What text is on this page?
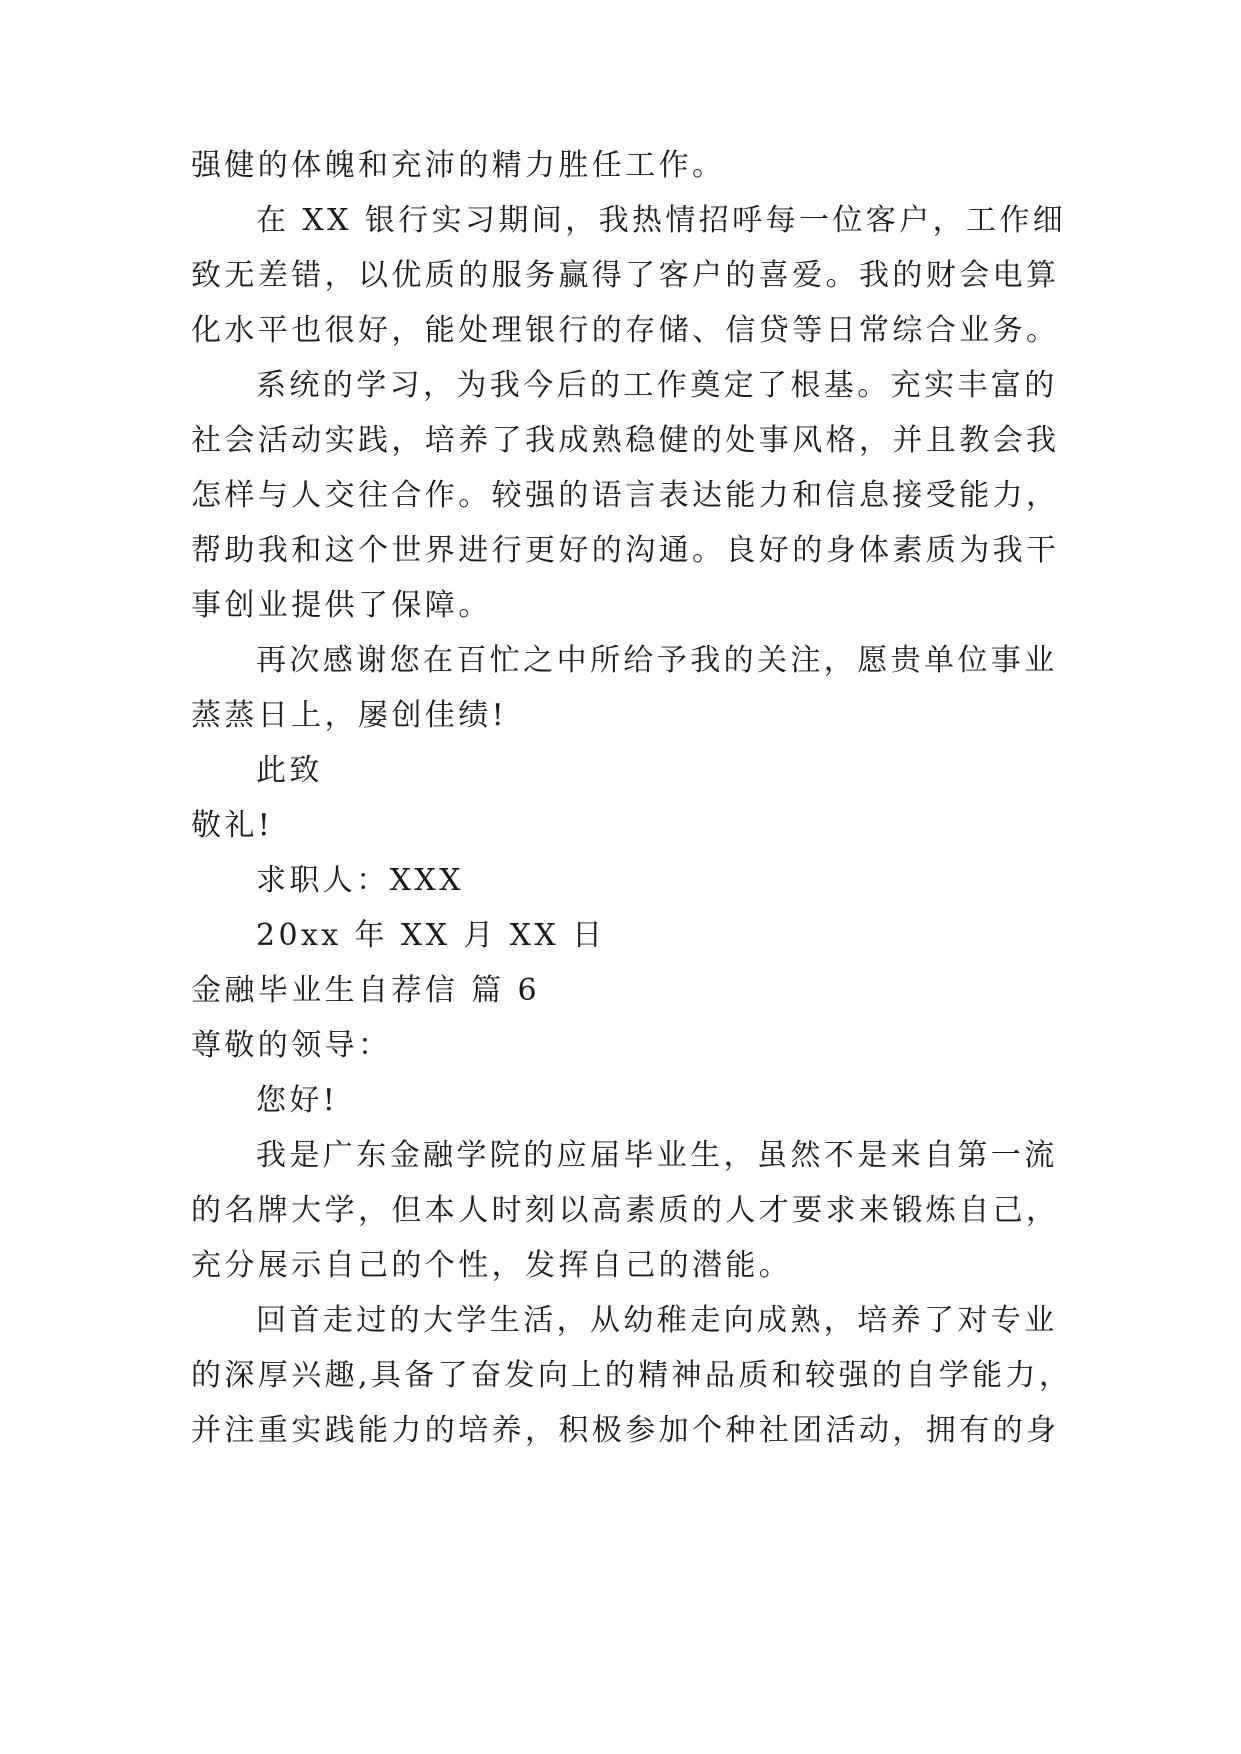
强健的体魄和充沛的精力胜任工作。
在 XX 银行实习期间，我热情招呼每一位客户，工作细
致无差错，以优质的服务赢得了客户的喜爱。我的财会电算
化水平也很好，能处理银行的存储、信贷等日常综合业务。
系统的学习，为我今后的工作奠定了根基。充实丰富的
社会活动实践，培养了我成熟稳健的处事风格，并且教会我
怎样与人交往合作。较强的语言表达能力和信息接受能力，
帮助我和这个世界进行更好的沟通。良好的身体素质为我干
事创业提供了保障。
再次感谢您在百忙之中所给予我的关注，愿贵单位事业
蒸蒸日上，屡创佳绩!
此致
敬礼!
求职人：XXX
20xx 年 XX 月 XX 日
金融毕业生自荐信 篇 6
尊敬的领导：
您好!
我是广东金融学院的应届毕业生，虽然不是来自第一流
的名牌大学，但本人时刻以高素质的人才要求来锻炼自己，
充分展示自己的个性，发挥自己的潜能。
回首走过的大学生活，从幼稚走向成熟，培养了对专业
的深厚兴趣,具备了奋发向上的精神品质和较强的自学能力，
并注重实践能力的培养，积极参加个种社团活动，拥有的身
